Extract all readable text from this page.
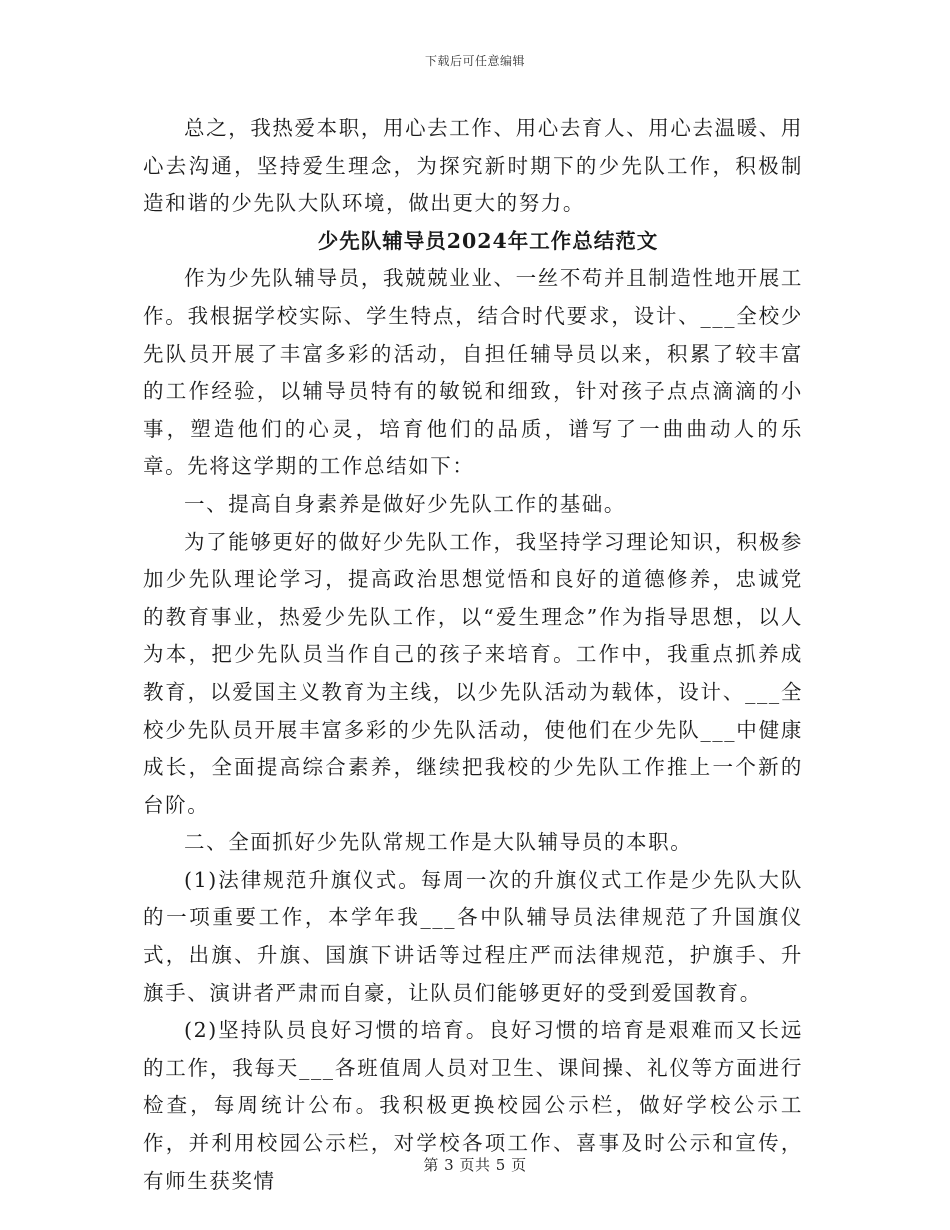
下载后可任意编辑

总之，我热爱本职，用心去工作、用心去育人、用心去温暖、用心去沟通，坚持爱生理念，为探究新时期下的少先队工作，积极制造和谐的少先队大队环境，做出更大的努力。

少先队辅导员2024年工作总结范文

作为少先队辅导员，我兢兢业业、一丝不苟并且制造性地开展工作。我根据学校实际、学生特点，结合时代要求，设计、___全校少先队员开展了丰富多彩的活动，自担任辅导员以来，积累了较丰富的工作经验，以辅导员特有的敏锐和细致，针对孩子点点滴滴的小事，塑造他们的心灵，培育他们的品质，谱写了一曲曲动人的乐章。先将这学期的工作总结如下：

一、提高自身素养是做好少先队工作的基础。

为了能够更好的做好少先队工作，我坚持学习理论知识，积极参加少先队理论学习，提高政治思想觉悟和良好的道德修养，忠诚党的教育事业，热爱少先队工作，以“爱生理念”作为指导思想，以人为本，把少先队员当作自己的孩子来培育。工作中，我重点抓养成教育，以爱国主义教育为主线，以少先队活动为载体，设计、___全校少先队员开展丰富多彩的少先队活动，使他们在少先队___中健康成长，全面提高综合素养，继续把我校的少先队工作推上一个新的台阶。

二、全面抓好少先队常规工作是大队辅导员的本职。

(1)法律规范升旗仪式。每周一次的升旗仪式工作是少先队大队的一项重要工作，本学年我___各中队辅导员法律规范了升国旗仪式，出旗、升旗、国旗下讲话等过程庄严而法律规范，护旗手、升旗手、演讲者严肃而自豪，让队员们能够更好的受到爱国教育。

(2)坚持队员良好习惯的培育。良好习惯的培育是艰难而又长远的工作，我每天___各班值周人员对卫生、课间操、礼仪等方面进行检查，每周统计公布。我积极更换校园公示栏，做好学校公示工作，并利用校园公示栏，对学校各项工作、喜事及时公示和宣传，有师生获奖情

第 3 页共 5 页
